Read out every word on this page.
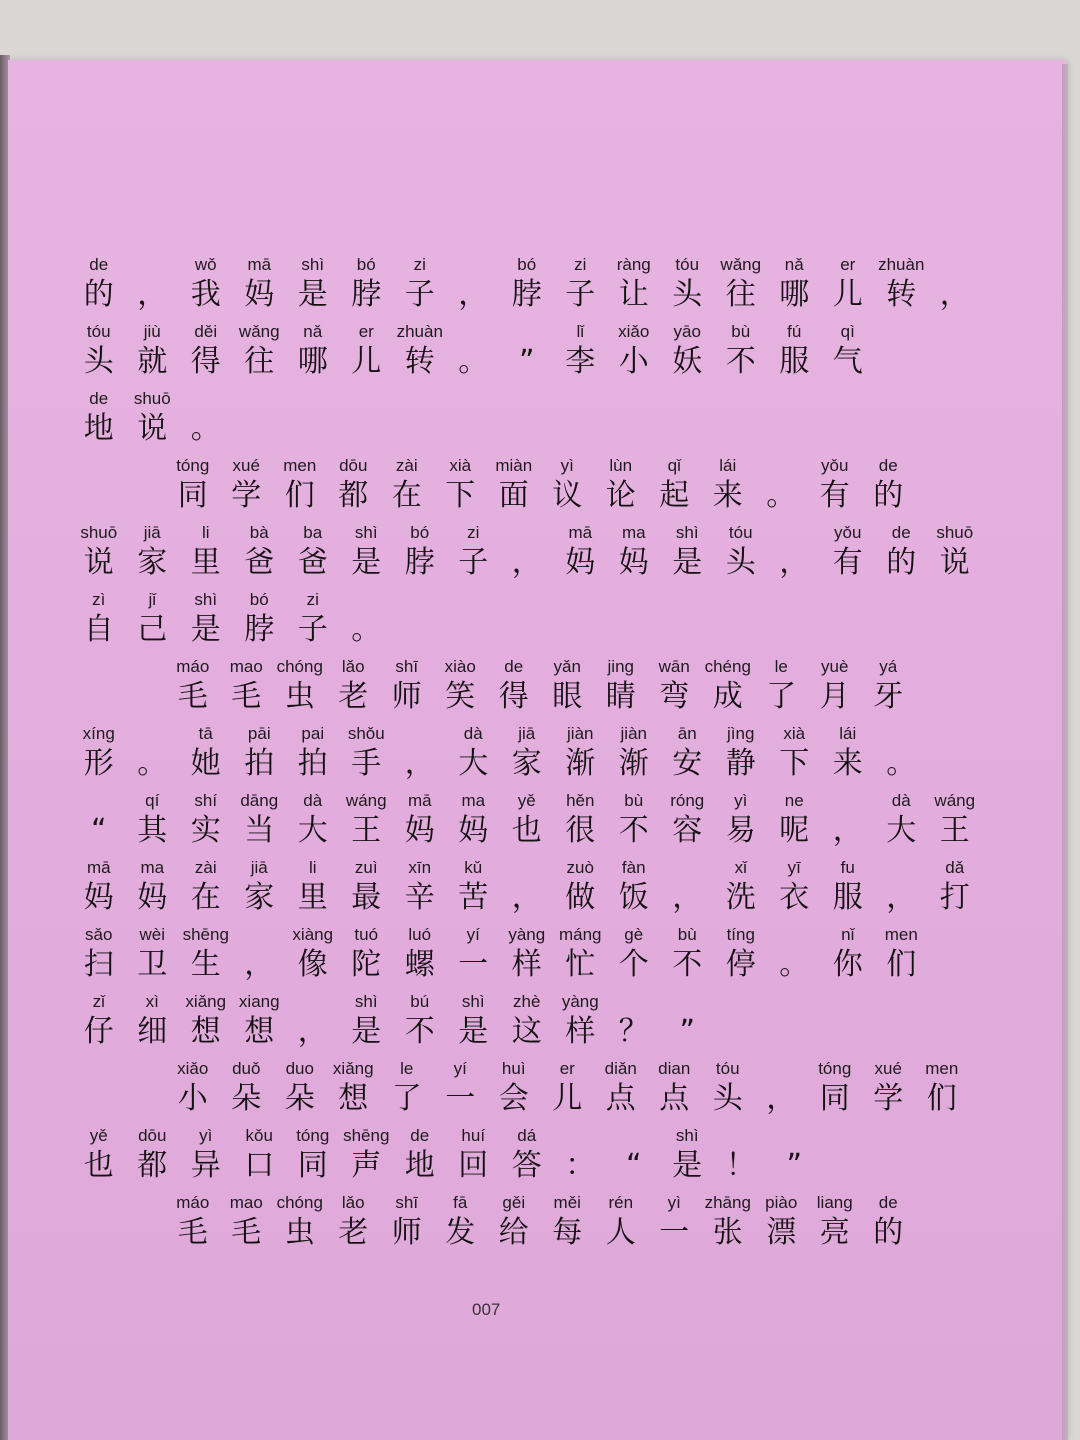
de
的 ，
wǒ
我
mā
妈
shì
是
bó
脖
zi
子 ，
bó
脖
zi
子
ràng
让
tóu
头
wǎng
往
nǎ
哪
er
儿
zhuàn
转 ，
tóu
头
jiù
就
děi
得
wǎng
往
nǎ
哪
er
儿
zhuàn
转 。 ”
lǐ
李
xiǎo
小
yāo
妖
bù
不
fú
服
qì
气
de
地
shuō
说 。
tóng
同
xué
学
men
们
dōu
都
zài
在
xià
下
miàn
面
yì
议
lùn
论
qǐ
起
lái
来 。
yǒu
有
de
的
shuō
说
jiā
家
li
里
bà
爸
ba
爸
shì
是
bó
脖
zi
子 ，
mā
妈
ma
妈
shì
是
tóu
头 ，
yǒu
有
de
的
shuō
说
zì
自
jǐ
己
shì
是
bó
脖
zi
子 。
máo
毛
mao
毛
chóng
虫
lǎo
老
shī
师
xiào
笑
de
得
yǎn
眼
jing
睛
wān
弯
chéng
成
le
了
yuè
月
yá
牙
xíng
形 。
tā
她
pāi
拍
pai
拍
shǒu
手 ，
dà
大
jiā
家
jiàn
渐
jiàn
渐
ān
安
jìng
静
xià
下
lái
来 。
“
qí
其
shí
实
dāng
当
dà
大
wáng
王
mā
妈
ma
妈
yě
也
hěn
很
bù
不
róng
容
yì
易
ne
呢 ，
dà
大
wáng
王
mā
妈
ma
妈
zài
在
jiā
家
li
里
zuì
最
xīn
辛
kǔ
苦 ，
zuò
做
fàn
饭 ，
xǐ
洗
yī
衣
fu
服 ，
dǎ
打
sǎo
扫
wèi
卫
shēng
生 ，
xiàng
像
tuó
陀
luó
螺
yí
一
yàng
样
máng
忙
gè
个
bù
不
tíng
停 。
nǐ
你
men
们
zǐ
仔
xì
细
xiǎng
想
xiang
想 ，
shì
是
bú
不
shì
是
zhè
这
yàng
样 ？ ”
xiǎo
小
duǒ
朵
duo
朵
xiǎng
想
le
了
yí
一
huì
会
er
儿
diǎn
点
dian
点
tóu
头 ，
tóng
同
xué
学
men
们
yě
也
dōu
都
yì
异
kǒu
口
tóng
同
shēng
声
de
地
huí
回
dá
答 ： “
shì
是 ！ ”
máo
毛
mao
毛
chóng
虫
lǎo
老
shī
师
fā
发
gěi
给
měi
每
rén
人
yì
一
zhāng
张
piào
漂
liang
亮
de
的
007
